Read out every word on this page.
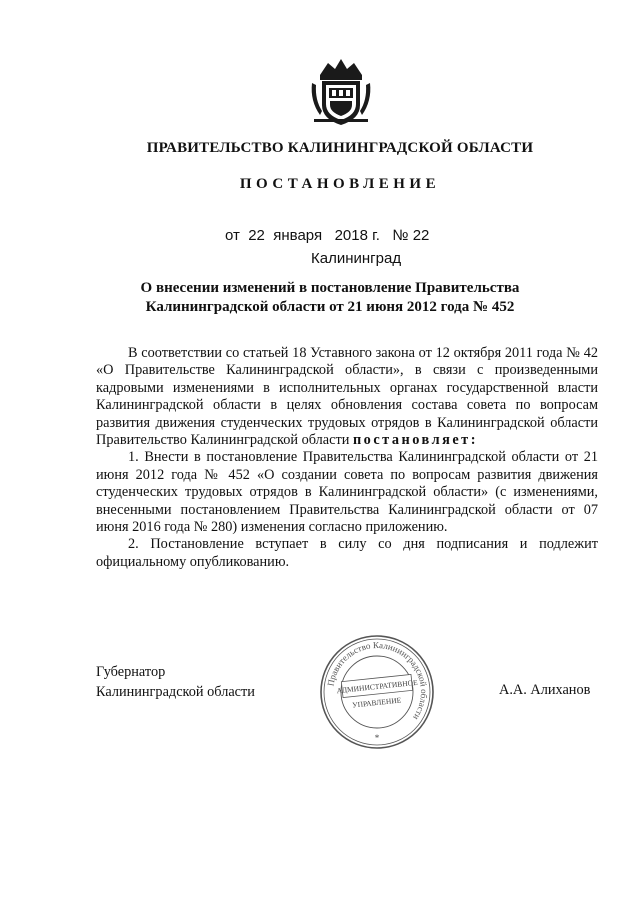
ПРАВИТЕЛЬСТВО КАЛИНИНГРАДСКОЙ ОБЛАСТИ
ПОСТАНОВЛЕНИЕ
от  22  января   2018 г.   № 22
Калининград
О внесении изменений в постановление Правительства
Калининградской области от 21 июня 2012 года № 452

В соответствии со статьей 18 Уставного закона от 12 октября 2011 года № 42 «О Правительстве Калининградской области», в связи с произведенными кадровыми изменениями в исполнительных органах государственной власти Калининградской области в целях обновления состава совета по вопросам развития движения студенческих трудовых отрядов в Калининградской области Правительство Калининградской области постановляет:

1. Внести в постановление Правительства Калининградской области от 21 июня 2012 года № 452 «О создании совета по вопросам развития движения студенческих трудовых отрядов в Калининградской области» (с изменениями, внесенными постановлением Правительства Калининградской области от 07 июня 2016 года № 280) изменения согласно приложению.

2. Постановление вступает в силу со дня подписания и подлежит официальному опубликованию.

Губернатор
Калининградской области
Правительство Калининградской области
АДМИНИСТРАТИВНОЕ
УПРАВЛЕНИЕ
*
А.А. Алиханов
